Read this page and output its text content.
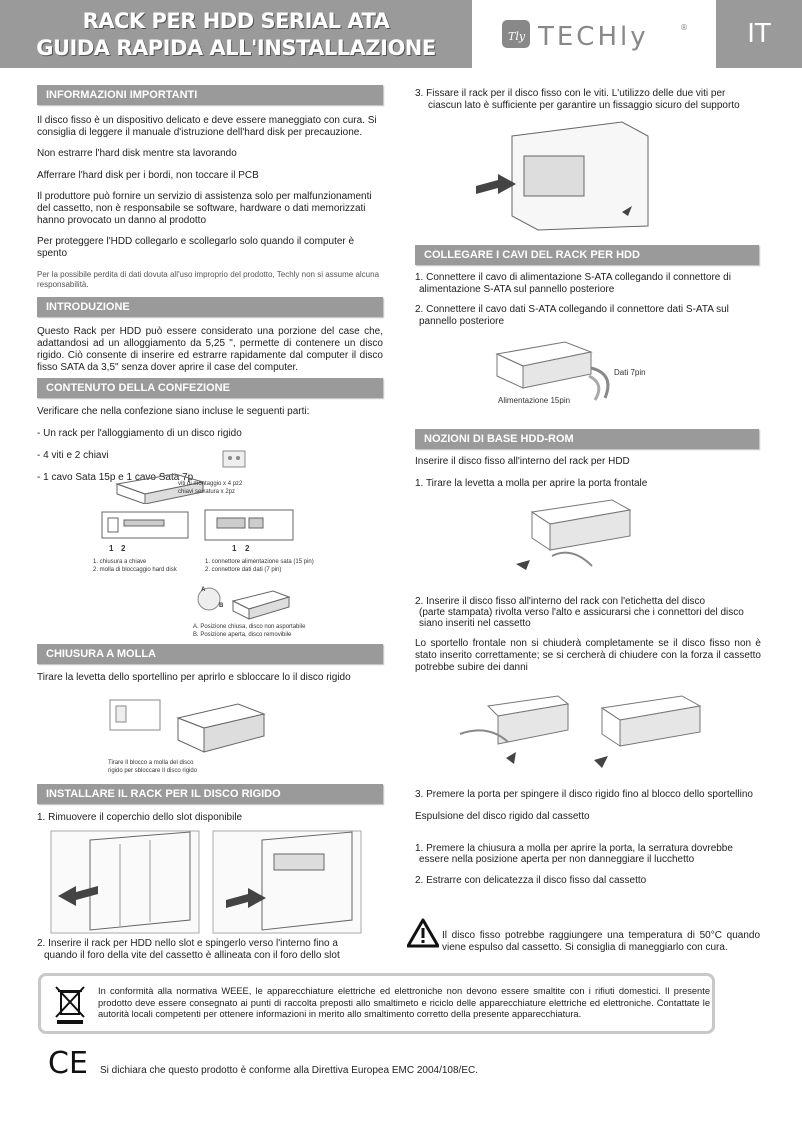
RACK PER HDD SERIAL ATA
GUIDA RAPIDA ALL'INSTALLAZIONE	Tly TECHly	®	IT
INFORMAZIONI IMPORTANTI

Il disco fisso è un dispositivo delicato e deve essere maneggiato con cura. Si consiglia di leggere il manuale d'istruzione dell'hard disk per precauzione.

Non estrarre l'hard disk mentre sta lavorando

Afferrare l'hard disk per i bordi, non toccare il PCB

Il produttore può fornire un servizio di assistenza solo per malfunzionamenti del cassetto, non è responsabile se software, hardware o dati memorizzati hanno provocato un danno al prodotto

Per proteggere l'HDD collegarlo e scollegarlo solo quando il computer è spento

Per la possibile perdita di dati dovuta all'uso improprio del prodotto, Techly non si assume alcuna responsabilità.

INTRODUZIONE

Questo Rack per HDD può essere considerato una porzione del case che, adattandosi ad un alloggiamento da 5,25 ", permette di contenere un disco rigido. Ciò consente di inserire ed estrarre rapidamente dal computer il disco fisso SATA da 3,5" senza dover aprire il case del computer.

CONTENUTO DELLA CONFEZIONE

Verificare che nella confezione siano incluse le seguenti parti:

- Un rack per l'alloggiamento di un disco rigido

- 4 viti e 2 chiavi

- 1 cavo Sata 15p e 1 cavo Sata 7p

viti di montaggio x 4 pz2
chiavi serratura x 2pz
1 2
1. chiusura a chiave
2. molla di bloccaggio hard disk
1 2
1. connettore alimentazione sata (15 pin)
2. connettore dati dati (7 pin)
A
B
A. Posizione chiusa, disco non asportabile
B. Posizione aperta, disco removibile
CHIUSURA A MOLLA

Tirare la levetta dello sportellino per aprirlo e sbloccare lo il disco rigido

Tirare Il blocco a molla del disco
rigido per sbloccare Il disco rigido
INSTALLARE IL RACK PER IL DISCO RIGIDO

1. Rimuovere il coperchio dello slot disponibile

2. Inserire il rack per HDD nello slot e spingerlo verso l'interno fino a

quando il foro della vite del cassetto è allineata con il foro dello slot

3. Fissare il rack per il disco fisso con le viti. L'utilizzo delle due viti per

ciascun lato è sufficiente per garantire un fissaggio sicuro del supporto

COLLEGARE I CAVI DEL RACK PER HDD

1. Connettere il cavo di alimentazione S-ATA collegando il connettore di

alimentazione S-ATA sul pannello posteriore

2. Connettere il cavo dati S-ATA collegando il connettore dati S-ATA sul

pannello posteriore

Dati 7pin
Alimentazione 15pin
NOZIONI DI BASE HDD-ROM

Inserire il disco fisso all'interno del rack per HDD

1. Tirare la levetta a molla per aprire la porta frontale

2. Inserire il disco fisso all'interno del rack con l'etichetta del disco

(parte stampata) rivolta verso l'alto e assicurarsi che i connettori del disco

siano inseriti nel cassetto

Lo sportello frontale non si chiuderà completamente se il disco fisso non è stato inserito correttamente; se si cercherà di chiudere con la forza il cassetto potrebbe subire dei danni

3. Premere la porta per spingere il disco rigido fino al blocco dello sportellino

Espulsione del disco rigido dal cassetto

1. Premere la chiusura a molla per aprire la porta, la serratura dovrebbe

essere nella posizione aperta per non danneggiare il lucchetto

2. Estrarre con delicatezza il disco fisso dal cassetto

Il disco fisso potrebbe raggiungere una temperatura di 50°C quando viene espulso dal cassetto. Si consiglia di maneggiarlo con cura.

In conformità alla normativa WEEE, le apparecchiature elettriche ed elettroniche non devono essere smaltite con i rifiuti domestici. Il presente prodotto deve essere consegnato ai punti di raccolta preposti allo smaltimeto e riciclo delle apparecchiature elettriche ed elettroniche. Contattate le autorità locali competenti per ottenere informazioni in merito allo smaltimento corretto della presente apparecchiatura.
CE Si dichiara che questo prodotto è conforme alla Direttiva Europea EMC 2004/108/EC.
